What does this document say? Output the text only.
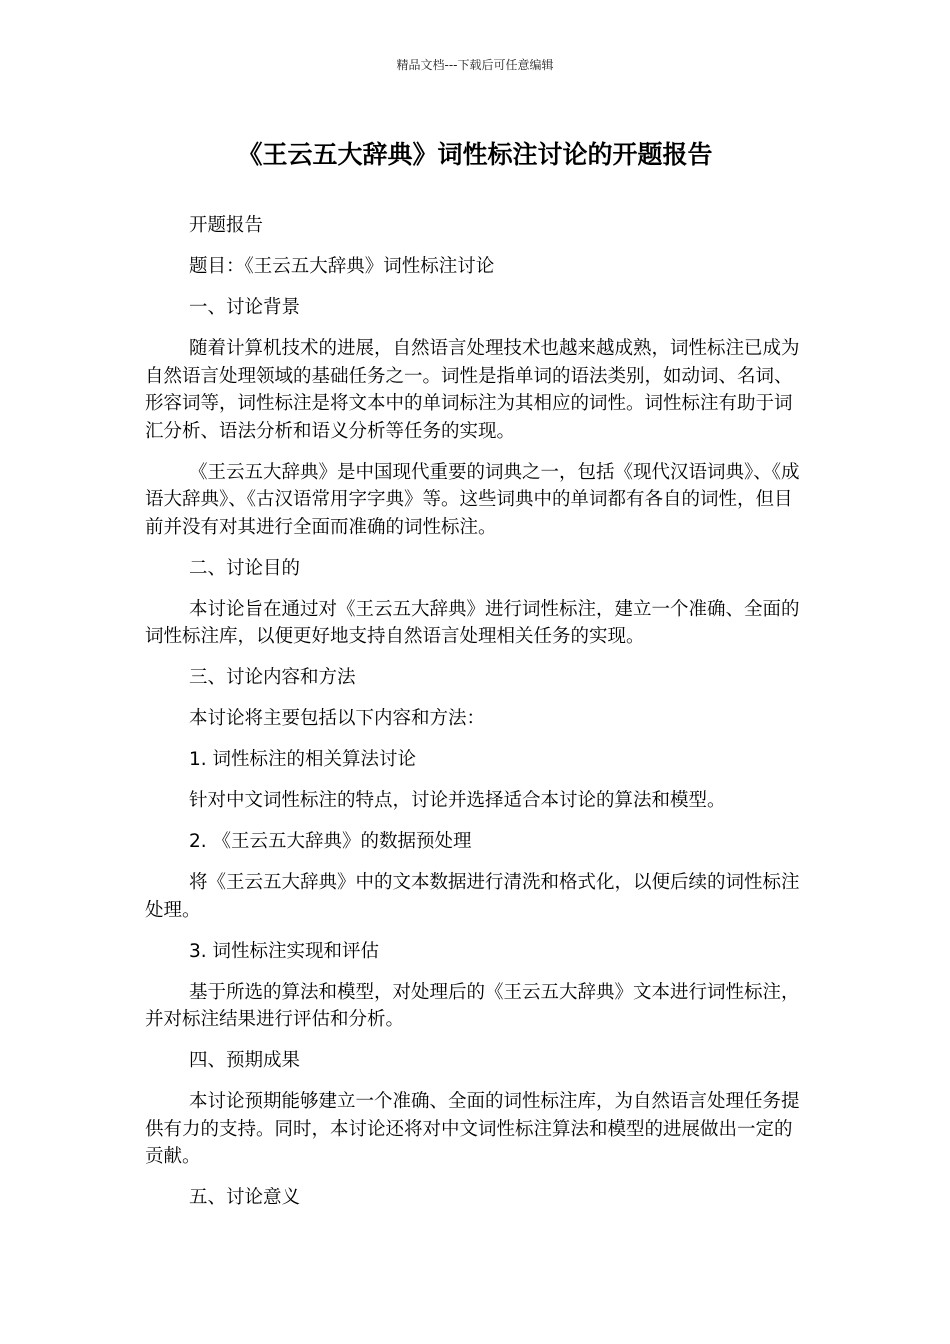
精品文档---下载后可任意编辑
《王云五大辞典》词性标注讨论的开题报告

开题报告

题目：《王云五大辞典》词性标注讨论

一、讨论背景

随着计算机技术的进展，自然语言处理技术也越来越成熟，词性标注已成为自然语言处理领域的基础任务之一。词性是指单词的语法类别，如动词、名词、形容词等，词性标注是将文本中的单词标注为其相应的词性。词性标注有助于词汇分析、语法分析和语义分析等任务的实现。

《王云五大辞典》是中国现代重要的词典之一，包括《现代汉语词典》、《成语大辞典》、《古汉语常用字字典》等。这些词典中的单词都有各自的词性，但目前并没有对其进行全面而准确的词性标注。

二、讨论目的

本讨论旨在通过对《王云五大辞典》进行词性标注，建立一个准确、全面的词性标注库，以便更好地支持自然语言处理相关任务的实现。

三、讨论内容和方法

本讨论将主要包括以下内容和方法：

1. 词性标注的相关算法讨论

针对中文词性标注的特点，讨论并选择适合本讨论的算法和模型。

2. 《王云五大辞典》的数据预处理

将《王云五大辞典》中的文本数据进行清洗和格式化，以便后续的词性标注处理。

3. 词性标注实现和评估

基于所选的算法和模型，对处理后的《王云五大辞典》文本进行词性标注，并对标注结果进行评估和分析。

四、预期成果

本讨论预期能够建立一个准确、全面的词性标注库，为自然语言处理任务提供有力的支持。同时，本讨论还将对中文词性标注算法和模型的进展做出一定的贡献。

五、讨论意义
